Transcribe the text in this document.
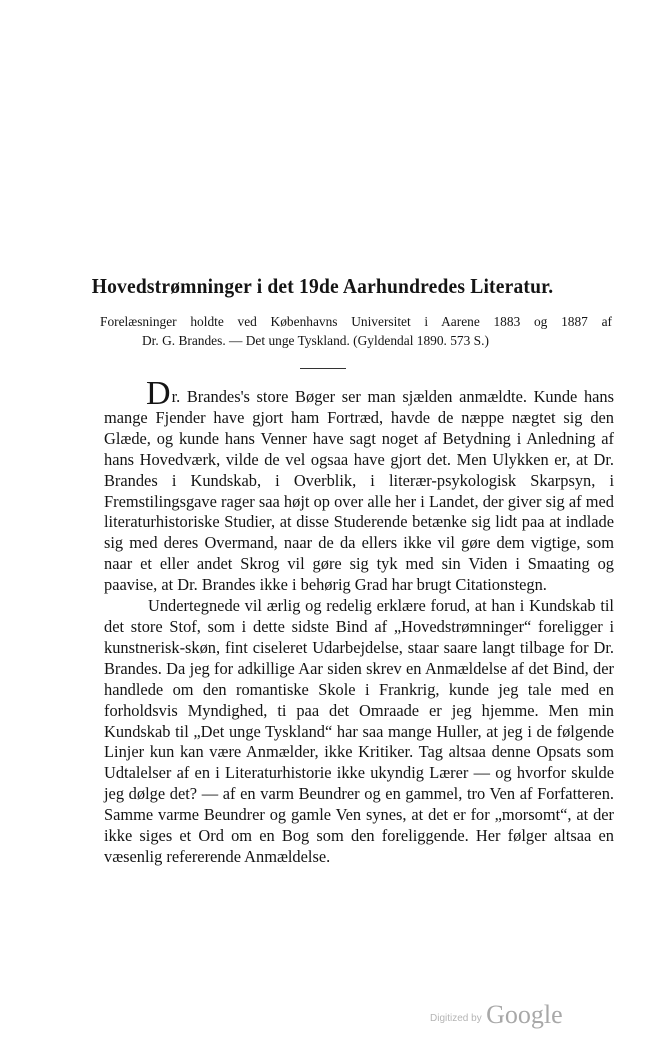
Hovedstrømninger i det 19de Aarhundredes Literatur.

Forelæsninger holdte ved Københavns Universitet i Aarene 1883 og 1887 af
Dr. G. Brandes. — Det unge Tyskland. (Gyldendal 1890. 573 S.)

Dr. Brandes's store Bøger ser man sjælden anmældte. Kunde hans mange Fjender have gjort ham Fortræd, havde de næppe nægtet sig den Glæde, og kunde hans Venner have sagt noget af Betydning i Anledning af hans Hovedværk, vilde de vel ogsaa have gjort det. Men Ulykken er, at Dr. Brandes i Kundskab, i Overblik, i literær-psykologisk Skarpsyn, i Fremstilingsgave rager saa højt op over alle her i Landet, der giver sig af med literaturhistoriske Studier, at disse Studerende betænke sig lidt paa at indlade sig med deres Overmand, naar de da ellers ikke vil gøre dem vigtige, som naar et eller andet Skrog vil gøre sig tyk med sin Viden i Smaating og paavise, at Dr. Brandes ikke i behørig Grad har brugt Citationstegn.

Undertegnede vil ærlig og redelig erklære forud, at han i Kundskab til det store Stof, som i dette sidste Bind af „Hovedstrømninger“ foreligger i kunstnerisk-skøn, fint ciseleret Udarbejdelse, staar saare langt tilbage for Dr. Brandes. Da jeg for adkillige Aar siden skrev en Anmældelse af det Bind, der handlede om den romantiske Skole i Frankrig, kunde jeg tale med en forholdsvis Myndighed, ti paa det Omraade er jeg hjemme. Men min Kundskab til „Det unge Tyskland“ har saa mange Huller, at jeg i de følgende Linjer kun kan være Anmælder, ikke Kritiker. Tag altsaa denne Opsats som Udtalelser af en i Literaturhistorie ikke ukyndig Lærer — og hvorfor skulde jeg dølge det? — af en varm Beundrer og en gammel, tro Ven af Forfatteren. Samme varme Beundrer og gamle Ven synes, at det er for „morsomt“, at der ikke siges et Ord om en Bog som den foreliggende. Her følger altsaa en væsenlig refererende Anmældelse.

Digitized by Google
